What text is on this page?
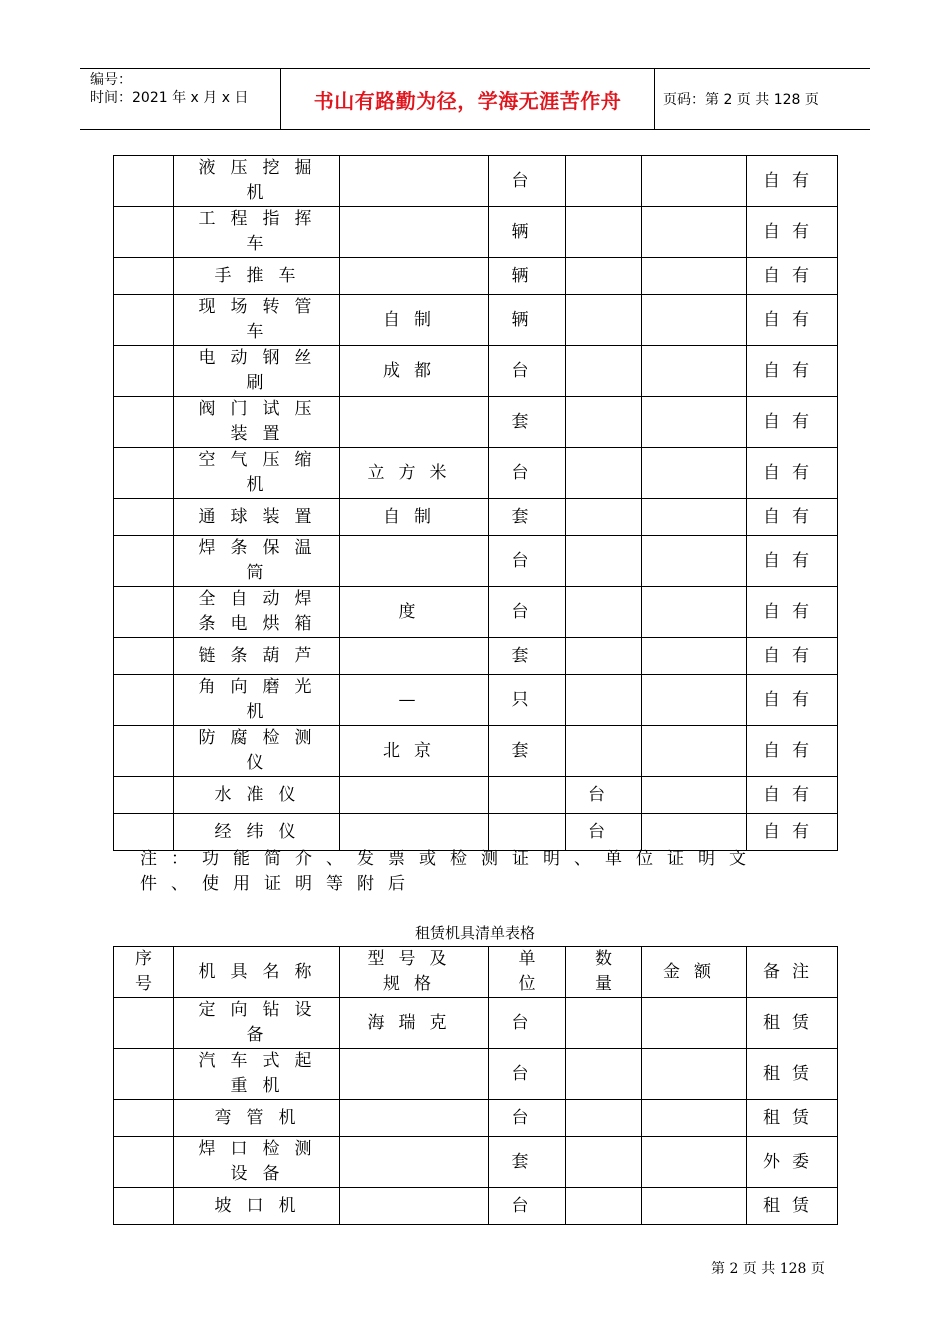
编号：
时间：2021 年 x 月 x 日	书山有路勤为径，学海无涯苦作舟	页码：第 2 页 共 128 页
	液压挖掘机		台			自有
	工程指挥车		辆			自有
	手推车		辆			自有
	现场转管车	自制	辆			自有
	电动钢丝刷	成都	台			自有
	阀门试压装置		套			自有
	空气压缩机	立方米	台			自有
	通球装置	自制	套			自有
	焊条保温筒		台			自有
	全自动焊条电烘箱	度	台			自有
	链条葫芦		套			自有
	角向磨光机	—	只			自有
	防腐检测仪	北京	套			自有
	水准仪			台		自有
	经纬仪			台		自有
注：功能简介、发票或检测证明、单位证明文件、使用证明等附后
租赁机具清单表格
序号	机具名称	型号及规格	单位	数量	金额	备注
	定向钻设备	海瑞克	台			租赁
	汽车式起重机		台			租赁
	弯管机		台			租赁
	焊口检测设备		套			外委
	坡口机		台			租赁
第 2 页 共 128 页
